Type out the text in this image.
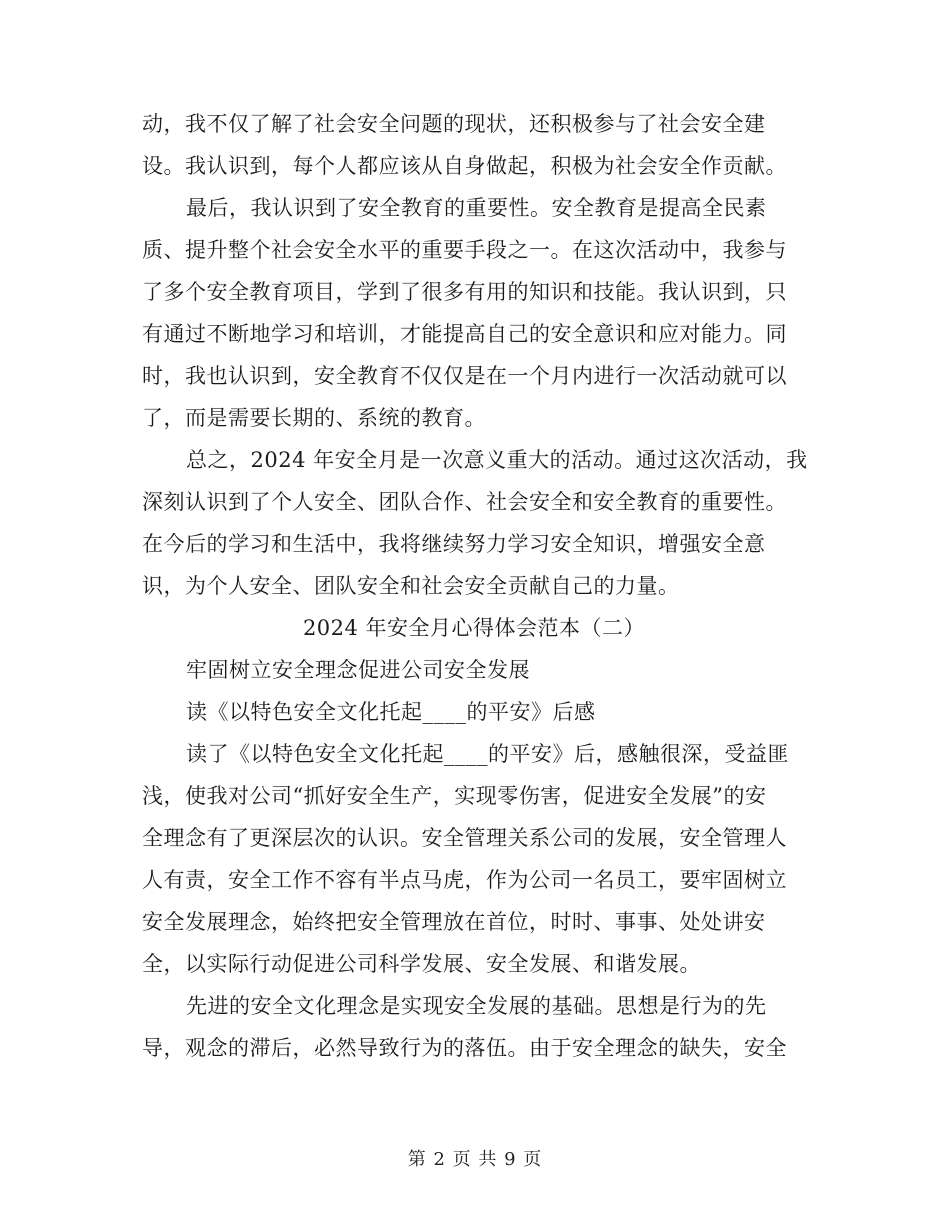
动，我不仅了解了社会安全问题的现状，还积极参与了社会安全建
设。我认识到，每个人都应该从自身做起，积极为社会安全作贡献。
最后，我认识到了安全教育的重要性。安全教育是提高全民素
质、提升整个社会安全水平的重要手段之一。在这次活动中，我参与
了多个安全教育项目，学到了很多有用的知识和技能。我认识到，只
有通过不断地学习和培训，才能提高自己的安全意识和应对能力。同
时，我也认识到，安全教育不仅仅是在一个月内进行一次活动就可以
了，而是需要长期的、系统的教育。
总之，2024 年安全月是一次意义重大的活动。通过这次活动，我
深刻认识到了个人安全、团队合作、社会安全和安全教育的重要性。
在今后的学习和生活中，我将继续努力学习安全知识，增强安全意
识，为个人安全、团队安全和社会安全贡献自己的力量。
2024 年安全月心得体会范本（二）
牢固树立安全理念促进公司安全发展
读《以特色安全文化托起____的平安》后感
读了《以特色安全文化托起____的平安》后，感触很深，受益匪
浅，使我对公司“抓好安全生产，实现零伤害，促进安全发展”的安
全理念有了更深层次的认识。安全管理关系公司的发展，安全管理人
人有责，安全工作不容有半点马虎，作为公司一名员工，要牢固树立
安全发展理念，始终把安全管理放在首位，时时、事事、处处讲安
全，以实际行动促进公司科学发展、安全发展、和谐发展。
先进的安全文化理念是实现安全发展的基础。思想是行为的先
导，观念的滞后，必然导致行为的落伍。由于安全理念的缺失，安全
第 2 页 共 9 页
